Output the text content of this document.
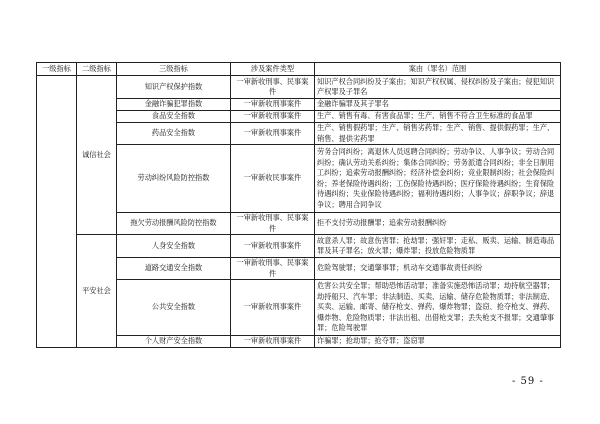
一级指标	二级指标	三级指标	涉及案件类型	案由（罪名）范围
	诚信社会	知识产权保护指数	一审新收刑事、民事案件	知识产权合同纠纷及子案由；知识产权权属、侵权纠纷及子案由；侵犯知识产权罪及子罪名
		金融诈骗犯罪指数	一审新收刑事案件	金融诈骗罪及其子罪名
		食品安全指数	一审新收刑事案件	生产、销售有毒、有害食品罪；生产、销售不符合卫生标准的食品罪
		药品安全指数	一审新收刑事案件	生产、销售假药罪；生产、销售劣药罪；生产、销售、提供假药罪；生产、销售、提供劣药罪
		劳动纠纷风险防控指数	一审新收民事案件	劳务合同纠纷；离退休人员返聘合同纠纷；劳动争议、人事争议；劳动合同纠纷；确认劳动关系纠纷；集体合同纠纷；劳务派遣合同纠纷；非全日制用工纠纷；追索劳动报酬纠纷；经济补偿金纠纷；竞业限制纠纷；社会保险纠纷；养老保险待遇纠纷；工伤保险待遇纠纷；医疗保险待遇纠纷；生育保险待遇纠纷；失业保险待遇纠纷；福利待遇纠纷；人事争议；辞职争议；辞退争议；聘用合同争议
		拖欠劳动报酬风险防控指数	一审新收刑事、民事案件	拒不支付劳动报酬罪；追索劳动报酬纠纷
	平安社会	人身安全指数	一审新收刑事案件	故意杀人罪；故意伤害罪；抢劫罪；强奸罪；走私、贩卖、运输、制造毒品罪及其子罪名；放火罪；爆炸罪；投放危险物质罪
		道路交通安全指数	一审新收刑事、民事案件	危险驾驶罪；交通肇事罪；机动车交通事故责任纠纷
		公共安全指数	一审新收刑事案件	危害公共安全罪；帮助恐怖活动罪；准备实施恐怖活动罪；劫持航空器罪；劫持船只、汽车罪；非法制造、买卖、运输、储存危险物质罪；非法制造、买卖、运输、邮寄、储存枪支、弹药、爆炸物罪；盗窃、抢夺枪支、弹药、爆炸物、危险物质罪；非法出租、出借枪支罪；丢失枪支不报罪；交通肇事罪；危险驾驶罪
		个人财产安全指数	一审新收刑事案件	诈骗罪；抢劫罪；抢夺罪；盗窃罪
- 59 -
